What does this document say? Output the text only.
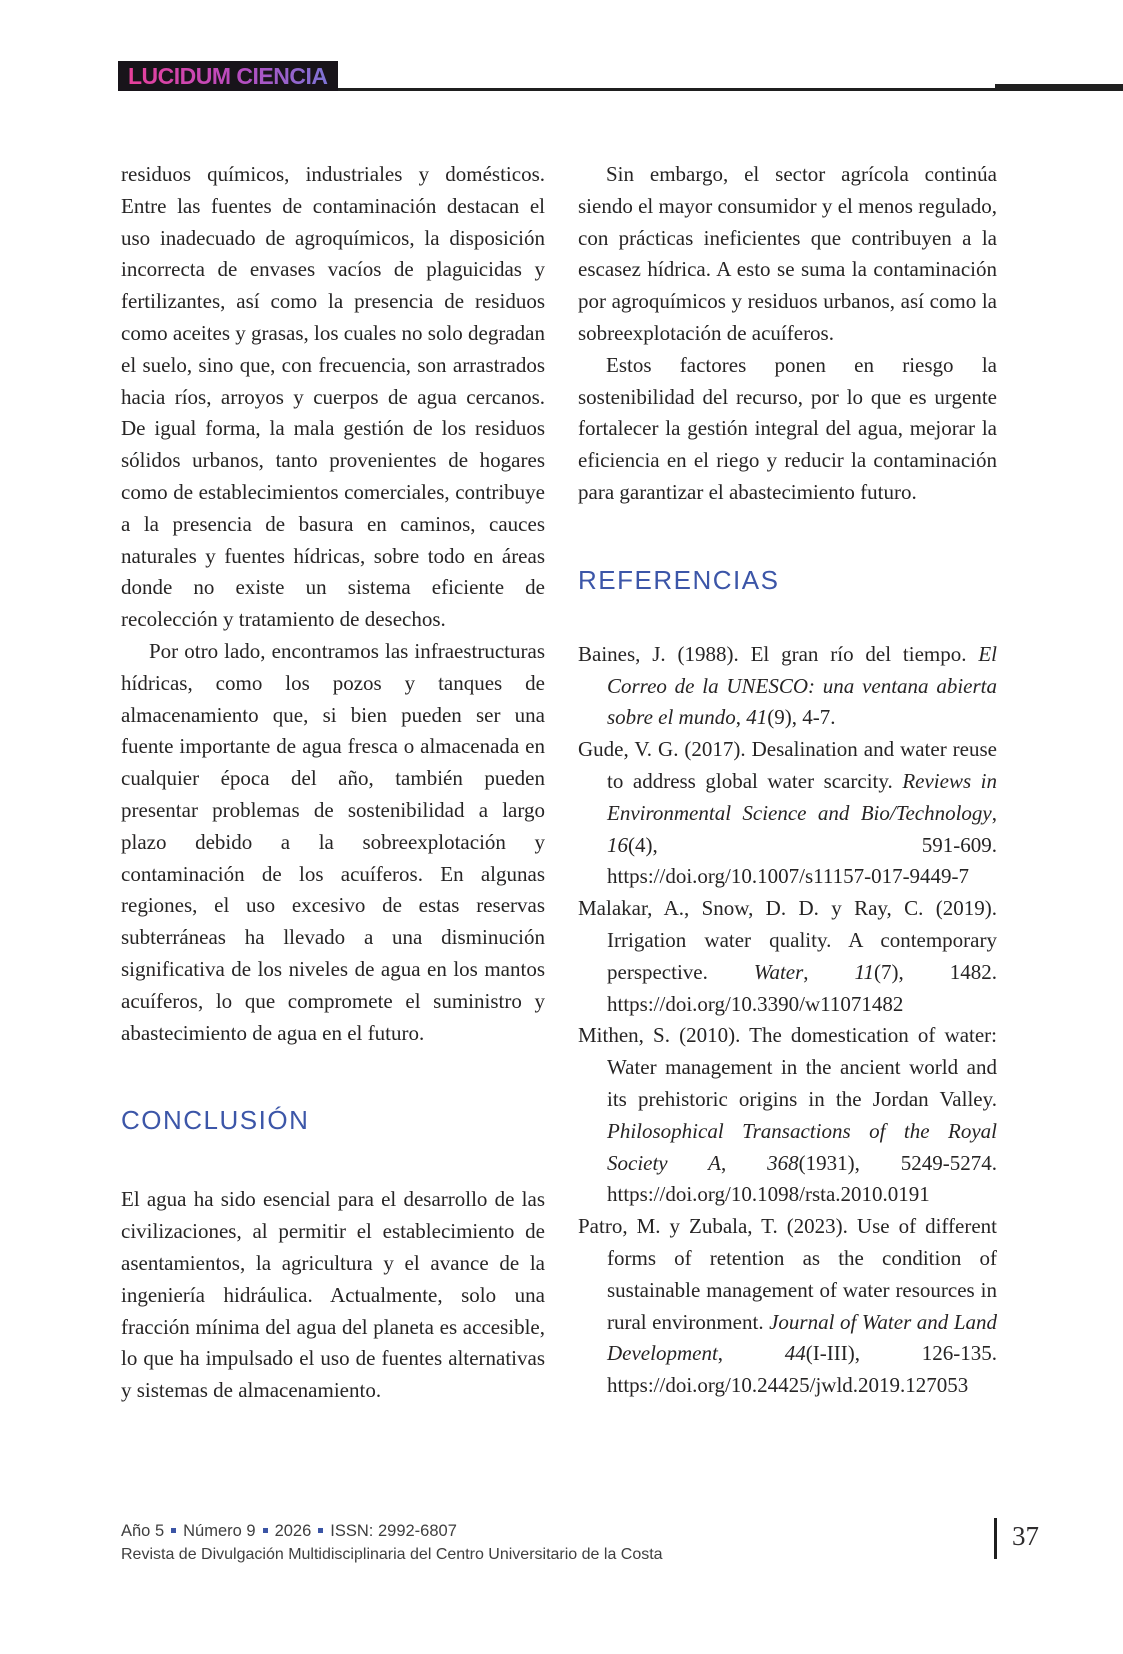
LUCIDUM CIENCIA

residuos químicos, industriales y domésticos. Entre las fuentes de contaminación destacan el uso inadecuado de agroquímicos, la disposición incorrecta de envases vacíos de plaguicidas y fertilizantes, así como la presencia de residuos como aceites y grasas, los cuales no solo degradan el suelo, sino que, con frecuencia, son arrastrados hacia ríos, arroyos y cuerpos de agua cercanos. De igual forma, la mala gestión de los residuos sólidos urbanos, tanto provenientes de hogares como de establecimientos comerciales, contribuye a la presencia de basura en caminos, cauces naturales y fuentes hídricas, sobre todo en áreas donde no existe un sistema eficiente de recolección y tratamiento de desechos.

Por otro lado, encontramos las infraestructuras hídricas, como los pozos y tanques de almacenamiento que, si bien pueden ser una fuente importante de agua fresca o almacenada en cualquier época del año, también pueden presentar problemas de sostenibilidad a largo plazo debido a la sobreexplotación y contaminación de los acuíferos. En algunas regiones, el uso excesivo de estas reservas subterráneas ha llevado a una disminución significativa de los niveles de agua en los mantos acuíferos, lo que compromete el suministro y abastecimiento de agua en el futuro.

CONCLUSIÓN

El agua ha sido esencial para el desarrollo de las civilizaciones, al permitir el establecimiento de asentamientos, la agricultura y el avance de la ingeniería hidráulica. Actualmente, solo una fracción mínima del agua del planeta es accesible, lo que ha impulsado el uso de fuentes alternativas y sistemas de almacenamiento.

Sin embargo, el sector agrícola continúa siendo el mayor consumidor y el menos regulado, con prácticas ineficientes que contribuyen a la escasez hídrica. A esto se suma la contaminación por agroquímicos y residuos urbanos, así como la sobreexplotación de acuíferos.

Estos factores ponen en riesgo la sostenibilidad del recurso, por lo que es urgente fortalecer la gestión integral del agua, mejorar la eficiencia en el riego y reducir la contaminación para garantizar el abastecimiento futuro.

REFERENCIAS
Baines, J. (1988). El gran río del tiempo. El Correo de la UNESCO: una ventana abierta sobre el mundo, 41(9), 4-7.
Gude, V. G. (2017). Desalination and water reuse to address global water scarcity. Reviews in Environmental Science and Bio/Technology, 16(4), 591-609. https://doi.org/10.1007/s11157-017-9449-7
Malakar, A., Snow, D. D. y Ray, C. (2019). Irrigation water quality. A contemporary perspective. Water, 11(7), 1482. https://doi.org/10.3390/w11071482
Mithen, S. (2010). The domestication of water: Water management in the ancient world and its prehistoric origins in the Jordan Valley. Philosophical Transactions of the Royal Society A, 368(1931), 5249-5274. https://doi.org/10.1098/rsta.2010.0191
Patro, M. y Zubala, T. (2023). Use of different forms of retention as the condition of sustainable management of water resources in rural environment. Journal of Water and Land Development, 44(I-III), 126-135. https://doi.org/10.24425/jwld.2019.127053
Año 5 Número 9 2026 ISSN: 2992-6807
Revista de Divulgación Multidisciplinaria del Centro Universitario de la Costa
37
